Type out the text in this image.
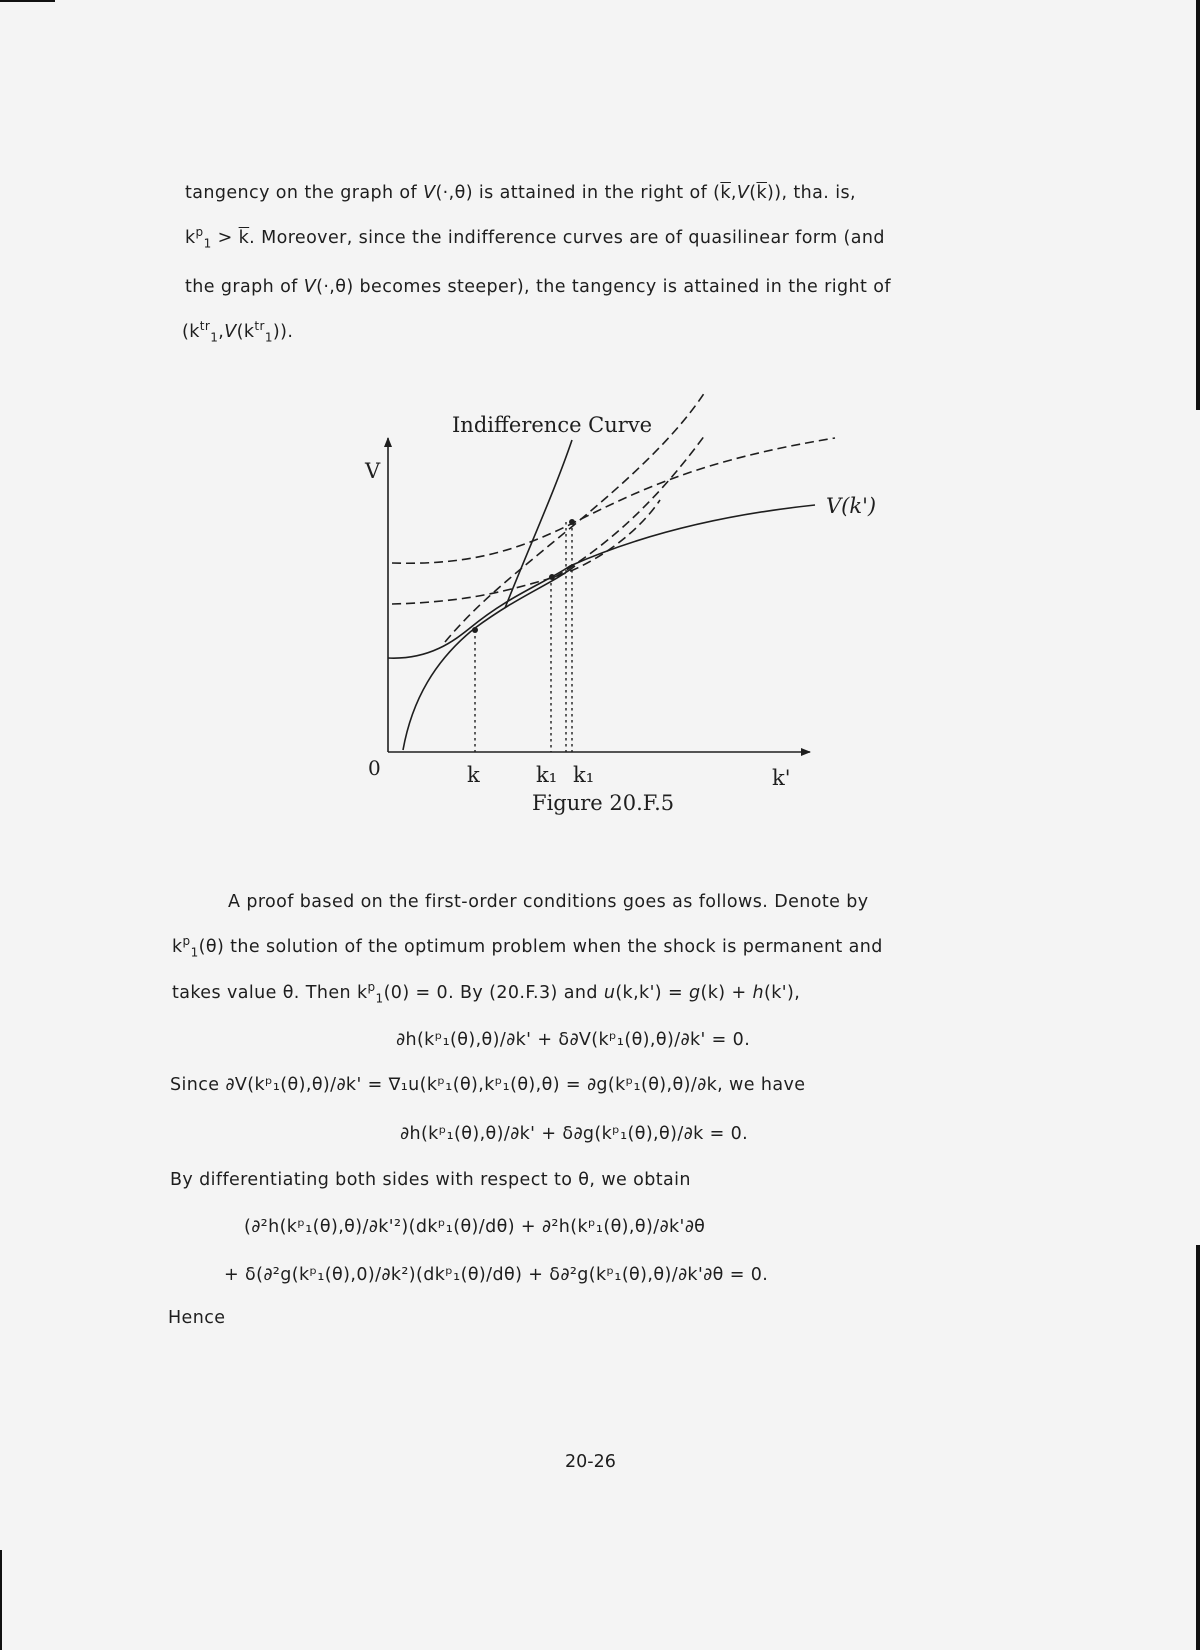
tangency on the graph of V(·,θ) is attained in the right of $(\overline{k},V(\overline{k}))$, tha. is,
$k^p_1 > \overline{k}$. Moreover, since the indifference curves are of quasilinear form (and
the graph of V(·,θ) becomes steeper), the tangency is attained in the right of
$(k^{tr}_1,V(k^{tr}_1))$.
Indifference Curve
V
V(k')
0	k	k₁ k₁	k'
Figure 20.F.5
A proof based on the first-order conditions goes as follows. Denote by
$k^p_1(\theta)$ the solution of the optimum problem when the shock is permanent and
takes value θ. Then $k^p_1(0) = 0$. By (20.F.3) and u(k,k') = g(k) + h(k'),
∂h(kᵖ₁(θ),θ)/∂k' + δ∂V(kᵖ₁(θ),θ)/∂k' = 0.
Since ∂V(kᵖ₁(θ),θ)/∂k' = ∇₁u(kᵖ₁(θ),kᵖ₁(θ),θ) = ∂g(kᵖ₁(θ),θ)/∂k, we have
∂h(kᵖ₁(θ),θ)/∂k' + δ∂g(kᵖ₁(θ),θ)/∂k = 0.
By differentiating both sides with respect to θ, we obtain
(∂²h(kᵖ₁(θ),θ)/∂k'²)(dkᵖ₁(θ)/dθ) + ∂²h(kᵖ₁(θ),θ)/∂k'∂θ
+ δ(∂²g(kᵖ₁(θ),0)/∂k²)(dkᵖ₁(θ)/dθ) + δ∂²g(kᵖ₁(θ),θ)/∂k'∂θ = 0.
Hence
20-26
